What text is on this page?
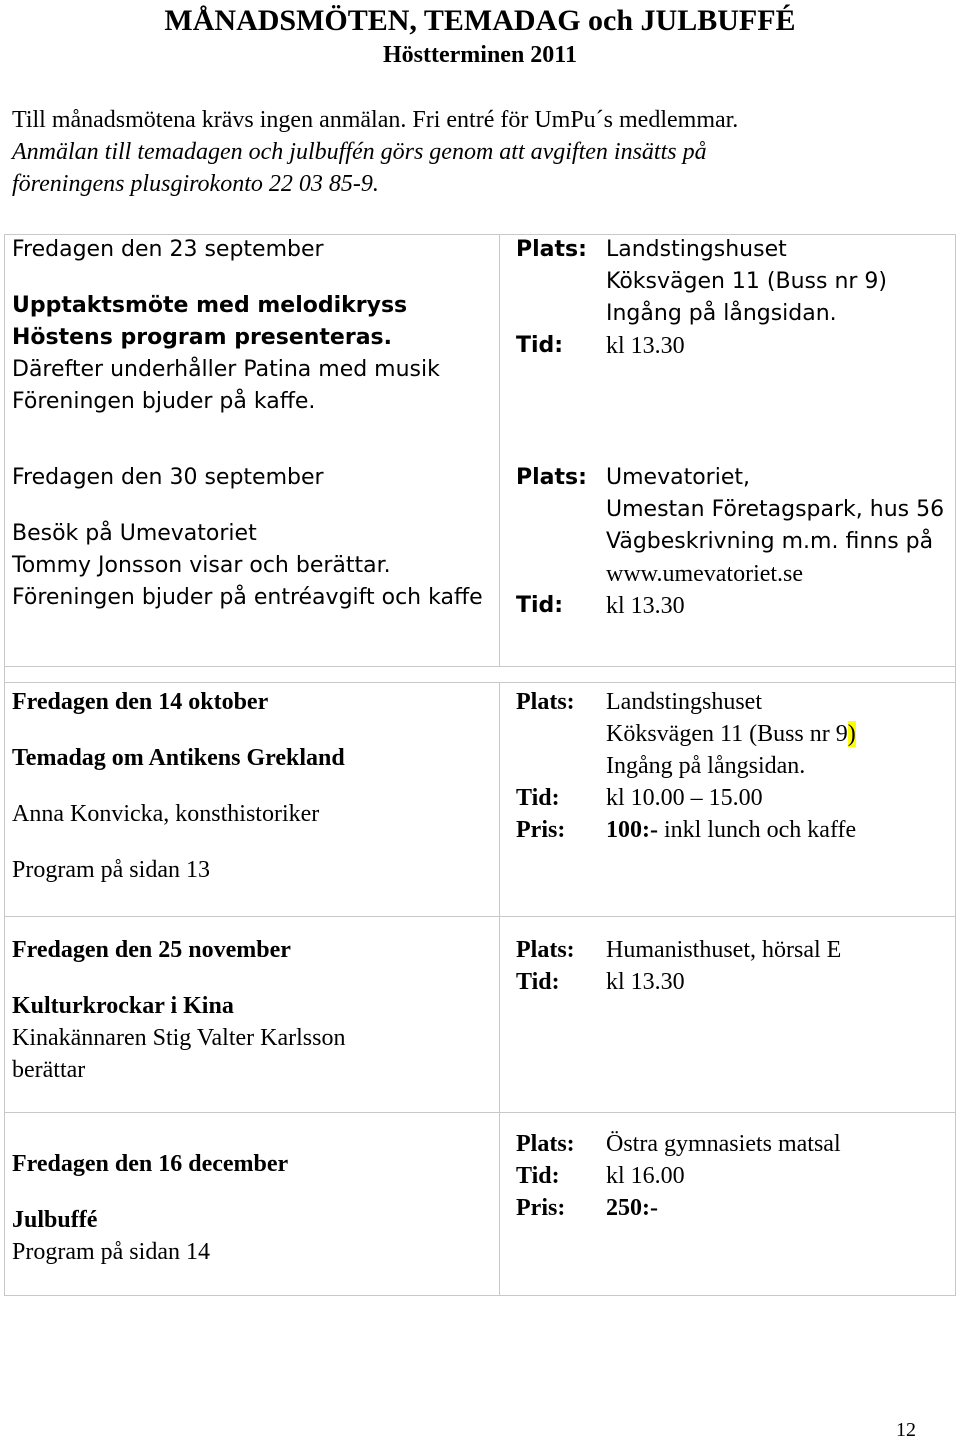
MÅNADSMÖTEN, TEMADAG och JULBUFFÉ
Höstterminen 2011

Till månadsmötena krävs ingen anmälan. Fri entré för UmPu´s medlemmar.

Anmälan till temadagen och julbuffén görs genom att avgiften insätts på

föreningens plusgirokonto 22 03 85-9.

Fredagen den 23 september
Upptaktsmöte med melodikryss
Höstens program presenteras.
Därefter underhåller Patina med musik
Föreningen bjuder på kaffe.
Plats: Landstingshuset
Köksvägen 11 (Buss nr 9)
Ingång på långsidan.
Tid: kl 13.30
Fredagen den 30 september
Besök på Umevatoriet
Tommy Jonsson visar och berättar.
Föreningen bjuder på entréavgift och kaffe
Plats: Umevatoriet,
Umestan Företagspark, hus 56
Vägbeskrivning m.m. finns på
www.umevatoriet.se
Tid: kl 13.30
Fredagen den 14 oktober
Temadag om Antikens Grekland
Anna Konvicka, konsthistoriker
Program på sidan 13
Plats: Landstingshuset
Köksvägen 11 (Buss nr 9)
Ingång på långsidan.
Tid: kl 10.00 – 15.00
Pris: 100:- inkl lunch och kaffe
Fredagen den 25 november
Kulturkrockar i Kina
Kinakännaren Stig Valter Karlsson
berättar
Plats: Humanisthuset, hörsal E
Tid: kl 13.30
Fredagen den 16 december
Julbuffé
Program på sidan 14
Plats: Östra gymnasiets matsal
Tid: kl 16.00
Pris: 250:-
12
